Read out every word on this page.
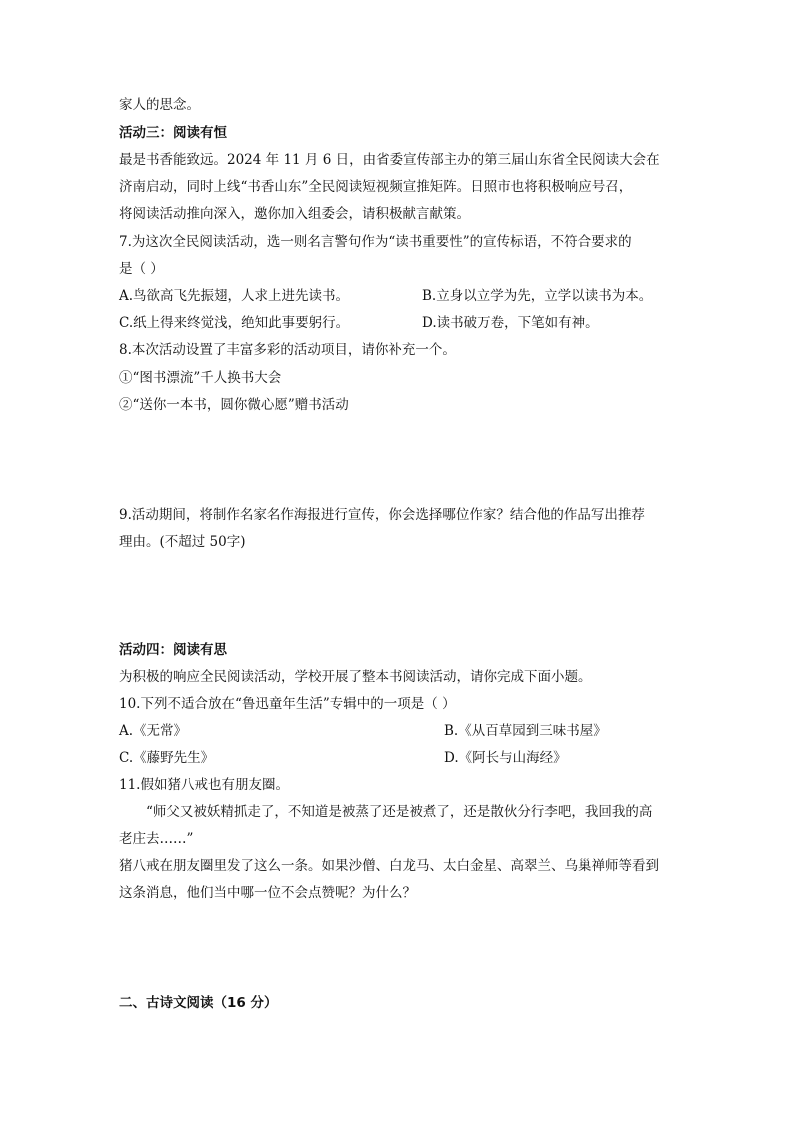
家人的思念。
活动三：阅读有恒
最是书香能致远。2024 年 11 月 6 日，由省委宣传部主办的第三届山东省全民阅读大会在
济南启动，同时上线“书香山东”全民阅读短视频宣推矩阵。日照市也将积极响应号召，
将阅读活动推向深入，邀你加入组委会，请积极献言献策。
7.为这次全民阅读活动，选一则名言警句作为“读书重要性”的宣传标语，不符合要求的
是（ ）
A.鸟欲高飞先振翅，人求上进先读书。	B.立身以立学为先，立学以读书为本。
C.纸上得来终觉浅，绝知此事要躬行。	D.读书破万卷，下笔如有神。
8.本次活动设置了丰富多彩的活动项目，请你补充一个。
①“图书漂流”千人换书大会
②“送你一本书，圆你微心愿”赠书活动
9.活动期间，将制作名家名作海报进行宣传，你会选择哪位作家？结合他的作品写出推荐
理由。(不超过 50字)
活动四：阅读有思
为积极的响应全民阅读活动，学校开展了整本书阅读活动，请你完成下面小题。
10.下列不适合放在“鲁迅童年生活”专辑中的一项是（ ）
A.《无常》	B.《从百草园到三味书屋》
C.《藤野先生》	D.《阿长与山海经》
11.假如猪八戒也有朋友圈。
“师父又被妖精抓走了，不知道是被蒸了还是被煮了，还是散伙分行李吧，我回我的高
老庄去……”
猪八戒在朋友圈里发了这么一条。如果沙僧、白龙马、太白金星、高翠兰、乌巢禅师等看到
这条消息，他们当中哪一位不会点赞呢？为什么？
二、古诗文阅读（16 分）
